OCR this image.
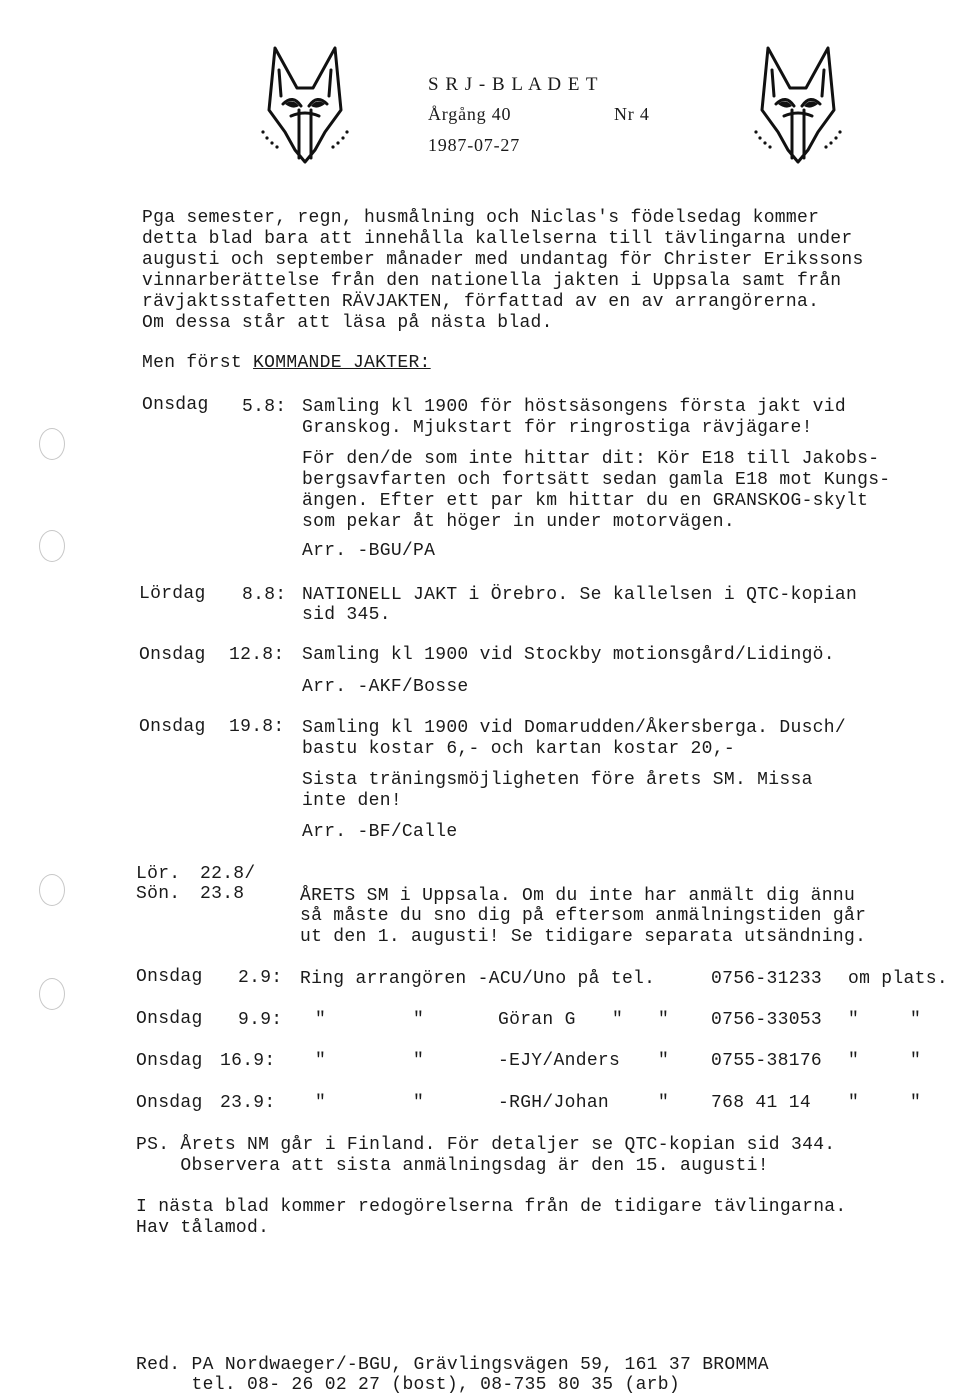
S R J - B L A D E T
Årgång 40	Nr 4
1987-07-27
Pga semester, regn, husmålning och Niclas's födelsedag kommer
detta blad bara att innehålla kallelserna till tävlingarna under
augusti och september månader med undantag för Christer Erikssons
vinnarberättelse från den nationella jakten i Uppsala samt från
rävjaktsstafetten RÄVJAKTEN, författad av en av arrangörerna.
Om dessa står att läsa på nästa blad.
Men först KOMMANDE JAKTER:
Onsdag 5.8: Samling kl 1900 för höstsäsongens första jakt vid
Granskog. Mjukstart för ringrostiga rävjägare!
För den/de som inte hittar dit: Kör E18 till Jakobs-
bergsavfarten och fortsätt sedan gamla E18 mot Kungs-
ängen. Efter ett par km hittar du en GRANSKOG-skylt
som pekar åt höger in under motorvägen.
Arr. -BGU/PA
Lördag 8.8: NATIONELL JAKT i Örebro. Se kallelsen i QTC-kopian
sid 345.
Onsdag 12.8: Samling kl 1900 vid Stockby motionsgård/Lidingö.
Arr. -AKF/Bosse
Onsdag 19.8: Samling kl 1900 vid Domarudden/Åkersberga. Dusch/
bastu kostar 6,- och kartan kostar 20,-
Sista träningsmöjligheten före årets SM. Missa
inte den!
Arr. -BF/Calle
Lör. 22.8/
Sön. 23.8	ÅRETS SM i Uppsala. Om du inte har anmält dig ännu
så måste du sno dig på eftersom anmälningstiden går
ut den 1. augusti! Se tidigare separata utsändning.
Onsdag 2.9: Ring arrangören -ACU/Uno på tel.	0756-31233 om plats.
Onsdag 9.9: "	"	Göran G " " 0756-33053 "	"
Onsdag 16.9: "	"	-EJY/Anders " 0755-38176 "	"
Onsdag 23.9: "	"	-RGH/Johan	" 768 41 14 "	"
PS. Årets NM går i Finland. För detaljer se QTC-kopian sid 344.
Observera att sista anmälningsdag är den 15. augusti!
I nästa blad kommer redogörelserna från de tidigare tävlingarna.
Hav tålamod.
Red. PA Nordwaeger/-BGU, Grävlingsvägen 59, 161 37 BROMMA
tel. 08- 26 02 27 (bost), 08-735 80 35 (arb)
